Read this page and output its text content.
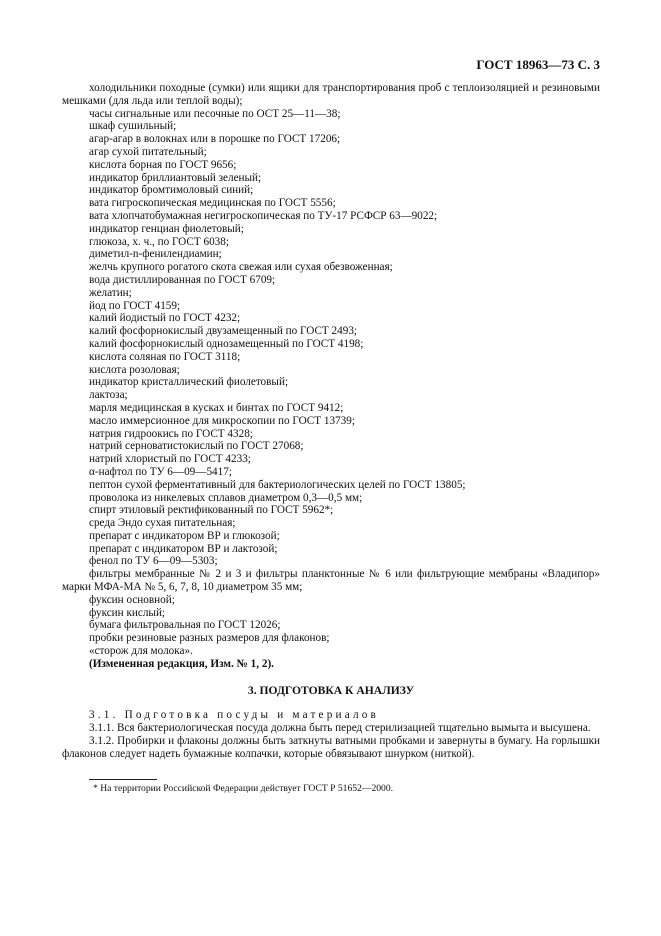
ГОСТ 18963—73 С. 3

холодильники походные (сумки) или ящики для транспортирования проб с теплоизоляцией и резиновыми мешками (для льда или теплой воды);

часы сигнальные или песочные по ОСТ 25—11—38;

шкаф сушильный;

агар-агар в волокнах или в порошке по ГОСТ 17206;

агар сухой питательный;

кислота борная по ГОСТ 9656;

индикатор бриллиантовый зеленый;

индикатор бромтимоловый синий;

вата гигроскопическая медицинская по ГОСТ 5556;

вата хлопчатобумажная негигроскопическая по ТУ-17 РСФСР 63—9022;

индикатор генциан фиолетовый;

глюкоза, х. ч., по ГОСТ 6038;

диметил-n-фенилендиамин;

желчь крупного рогатого скота свежая или сухая обезвоженная;

вода дистиллированная по ГОСТ 6709;

желатин;

йод по ГОСТ 4159;

калий йодистый по ГОСТ 4232;

калий фосфорнокислый двузамещенный по ГОСТ 2493;

калий фосфорнокислый однозамещенный по ГОСТ 4198;

кислота соляная по ГОСТ 3118;

кислота розоловая;

индикатор кристаллический фиолетовый;

лактоза;

марля медицинская в кусках и бинтах по ГОСТ 9412;

масло иммерсионное для микроскопии по ГОСТ 13739;

натрия гидроокись по ГОСТ 4328;

натрий серноватистокислый по ГОСТ 27068;

натрий хлористый по ГОСТ 4233;

α-нафтол по ТУ 6—09—5417;

пептон сухой ферментативный для бактериологических целей по ГОСТ 13805;

проволока из никелевых сплавов диаметром 0,3—0,5 мм;

спирт этиловый ректификованный по ГОСТ 5962*;

среда Эндо сухая питательная;

препарат с индикатором ВР и глюкозой;

препарат с индикатором ВР и лактозой;

фенол по ТУ 6—09—5303;

фильтры мембранные № 2 и 3 и фильтры планктонные № 6 или фильтрующие мембраны «Владипор» марки МФА-МА № 5, 6, 7, 8, 10 диаметром 35 мм;

фуксин основной;

фуксин кислый;

бумага фильтровальная по ГОСТ 12026;

пробки резиновые разных размеров для флаконов;

«сторож для молока».

(Измененная редакция, Изм. № 1, 2).
3. ПОДГОТОВКА К АНАЛИЗУ

3.1. Подготовка посуды и материалов

3.1.1. Вся бактериологическая посуда должна быть перед стерилизацией тщательно вымыта и высушена.

3.1.2. Пробирки и флаконы должны быть заткнуты ватными пробками и завернуты в бумагу. На горлышки флаконов следует надеть бумажные колпачки, которые обвязывают шнурком (ниткой).

* На территории Российской Федерации действует ГОСТ Р 51652—2000.
